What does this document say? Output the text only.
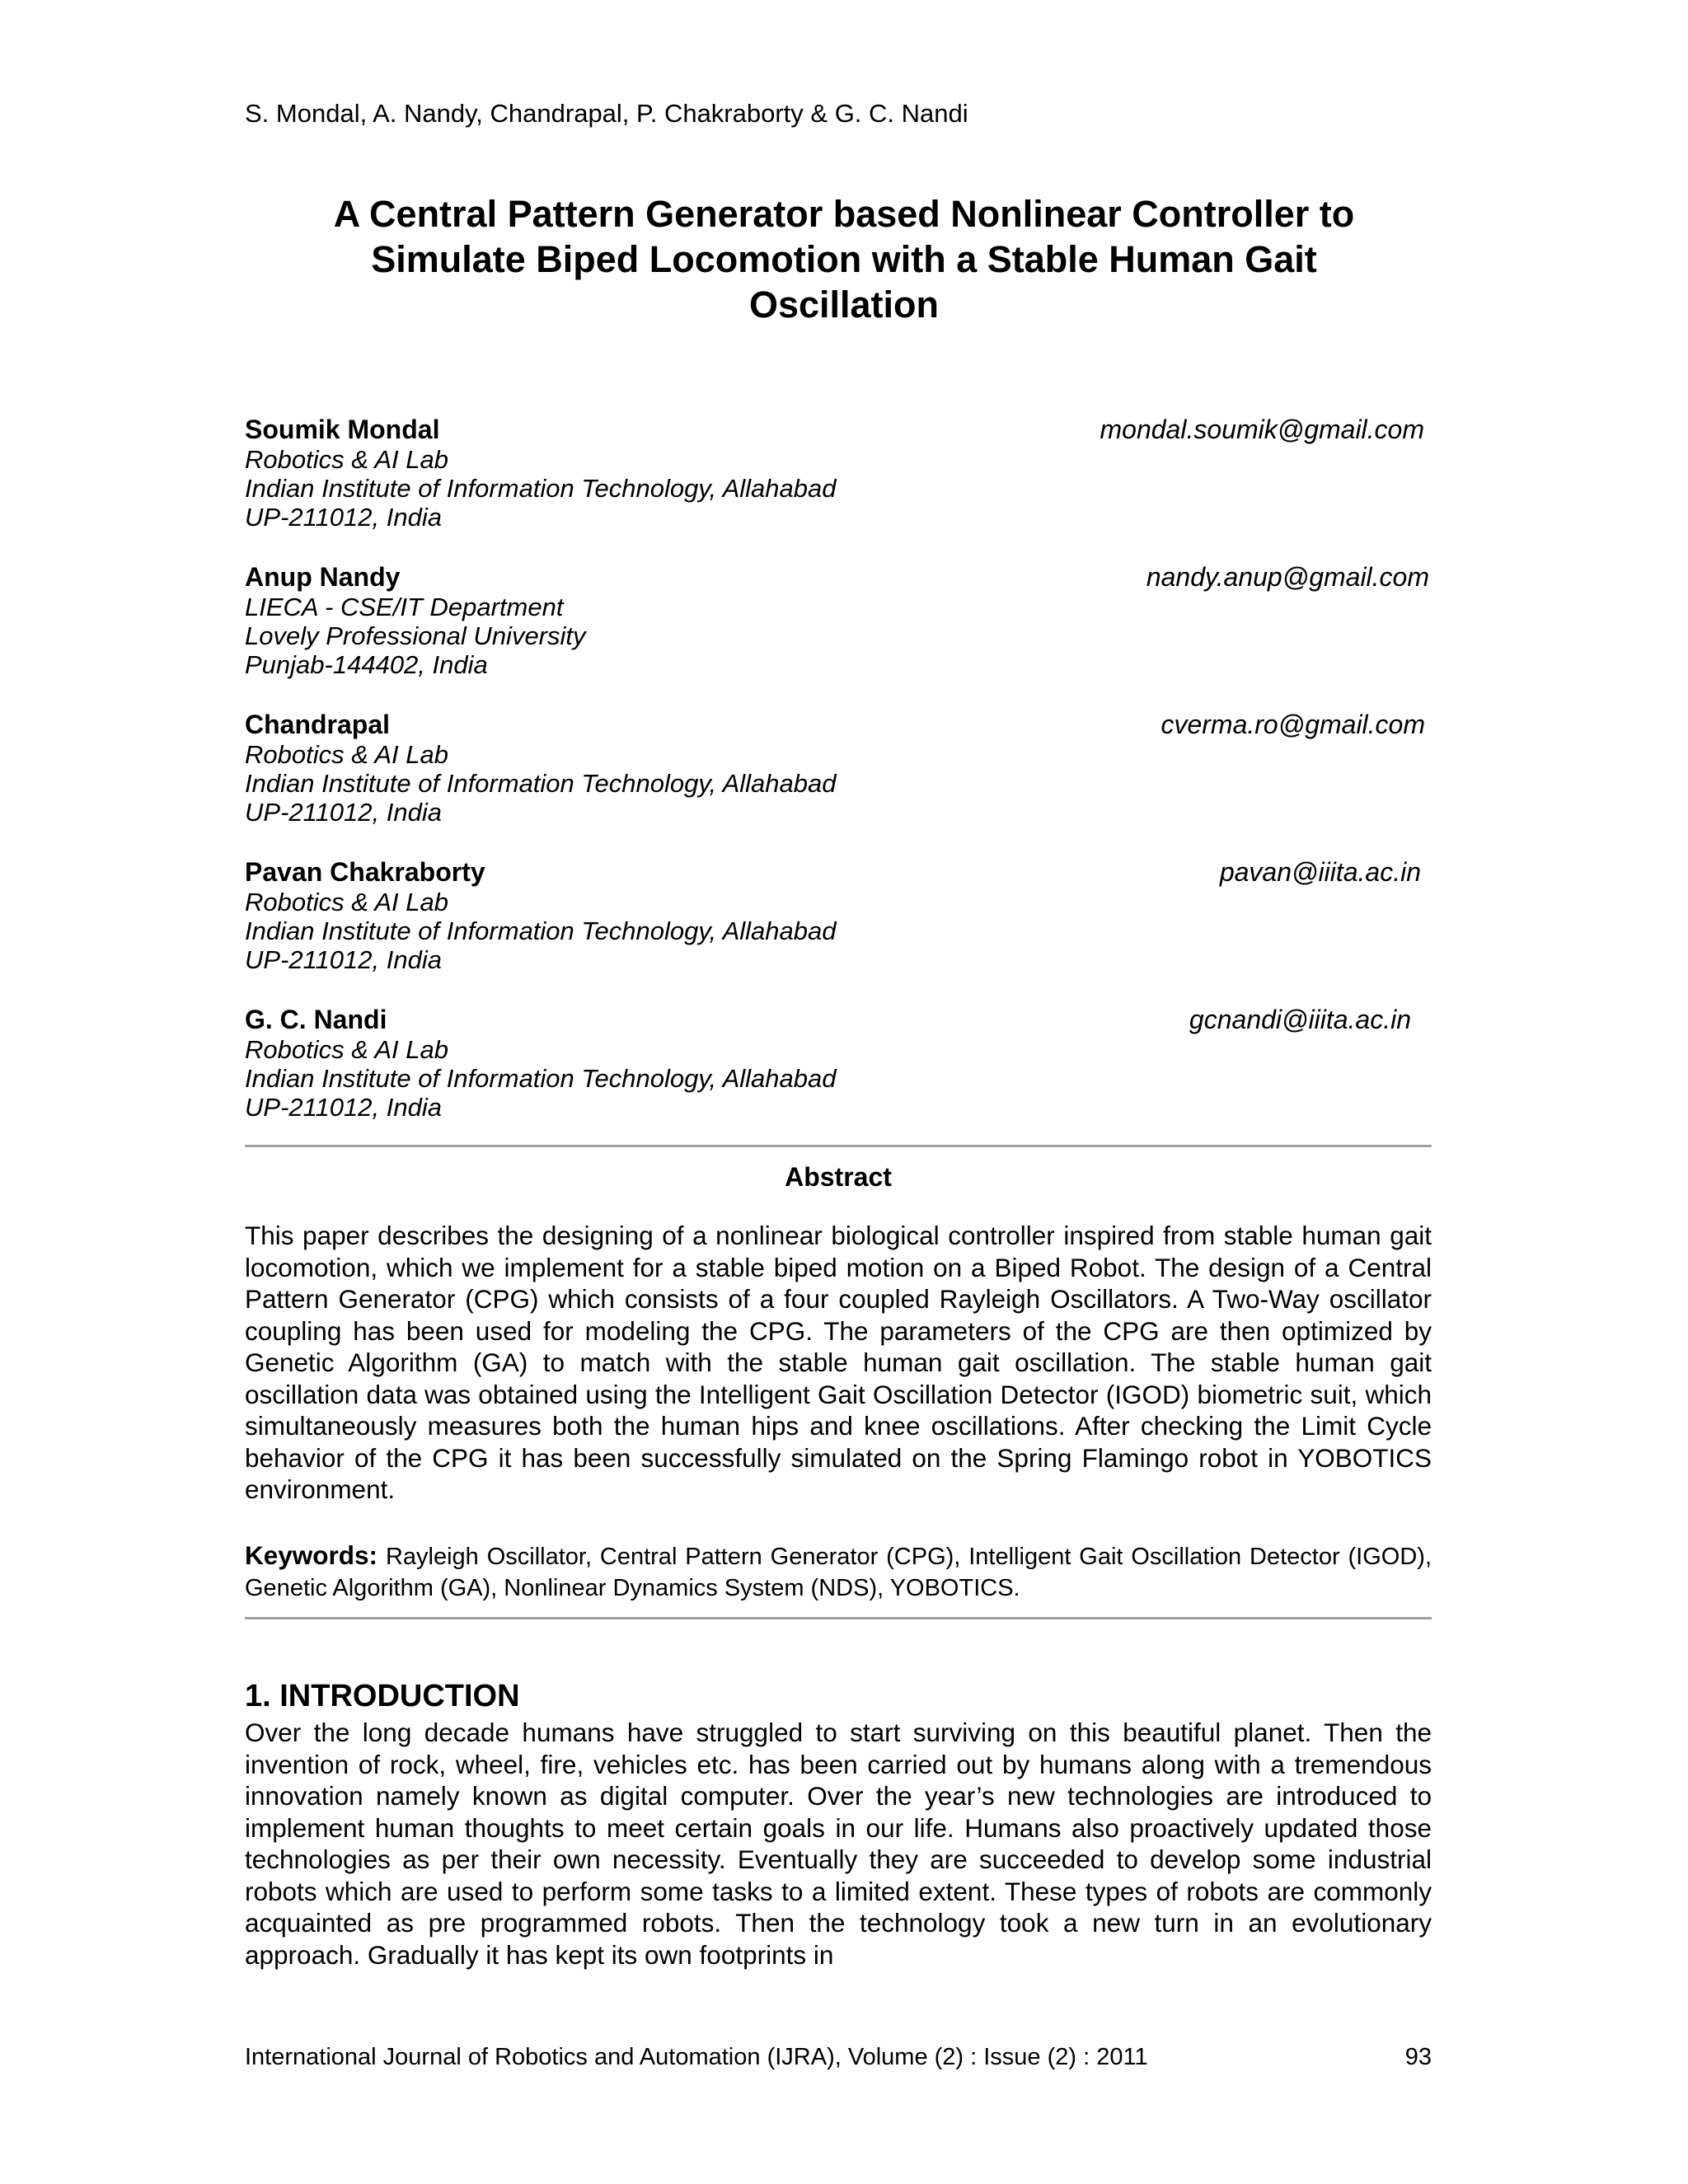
S. Mondal, A. Nandy, Chandrapal, P. Chakraborty & G. C. Nandi
A Central Pattern Generator based Nonlinear Controller to
Simulate Biped Locomotion with a Stable Human Gait
Oscillation
Soumik Mondal	mondal.soumik@gmail.com
Robotics & AI Lab
Indian Institute of Information Technology, Allahabad
UP-211012, India
Anup Nandy	nandy.anup@gmail.com
LIECA - CSE/IT Department
Lovely Professional University
Punjab-144402, India
Chandrapal	cverma.ro@gmail.com
Robotics & AI Lab
Indian Institute of Information Technology, Allahabad
UP-211012, India
Pavan Chakraborty	pavan@iiita.ac.in
Robotics & AI Lab
Indian Institute of Information Technology, Allahabad
UP-211012, India
G. C. Nandi	gcnandi@iiita.ac.in
Robotics & AI Lab
Indian Institute of Information Technology, Allahabad
UP-211012, India
Abstract
This paper describes the designing of a nonlinear biological controller inspired from stable human gait locomotion, which we implement for a stable biped motion on a Biped Robot. The design of a Central Pattern Generator (CPG) which consists of a four coupled Rayleigh Oscillators. A Two-Way oscillator coupling has been used for modeling the CPG. The parameters of the CPG are then optimized by Genetic Algorithm (GA) to match with the stable human gait oscillation. The stable human gait oscillation data was obtained using the Intelligent Gait Oscillation Detector (IGOD) biometric suit, which simultaneously measures both the human hips and knee oscillations. After checking the Limit Cycle behavior of the CPG it has been successfully simulated on the Spring Flamingo robot in YOBOTICS environment.
Keywords: Rayleigh Oscillator, Central Pattern Generator (CPG), Intelligent Gait Oscillation Detector (IGOD), Genetic Algorithm (GA), Nonlinear Dynamics System (NDS), YOBOTICS.
1. INTRODUCTION
Over the long decade humans have struggled to start surviving on this beautiful planet. Then the invention of rock, wheel, fire, vehicles etc. has been carried out by humans along with a tremendous innovation namely known as digital computer. Over the year’s new technologies are introduced to implement human thoughts to meet certain goals in our life. Humans also proactively updated those technologies as per their own necessity. Eventually they are succeeded to develop some industrial robots which are used to perform some tasks to a limited extent. These types of robots are commonly acquainted as pre programmed robots. Then the technology took a new turn in an evolutionary approach. Gradually it has kept its own footprints in
International Journal of Robotics and Automation (IJRA), Volume (2) : Issue (2) : 2011	93
